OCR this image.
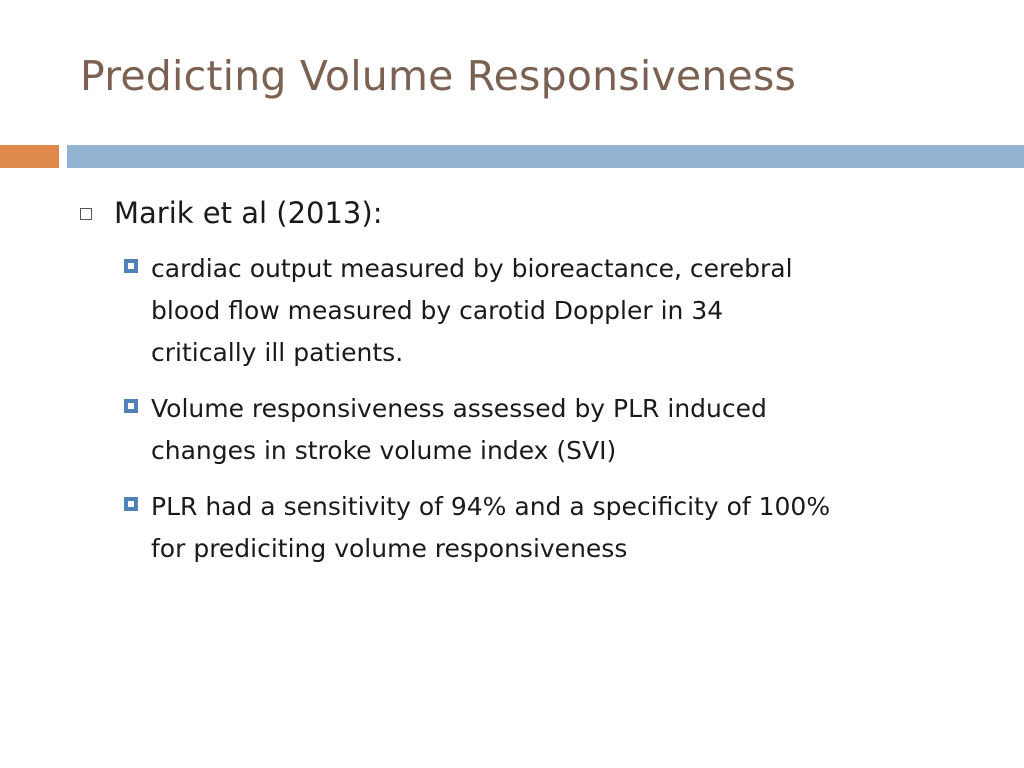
Predicting Volume Responsiveness
Marik et al (2013):
cardiac output measured by bioreactance, cerebral
blood flow measured by carotid Doppler in 34
critically ill patients.
Volume responsiveness assessed by PLR induced
changes in stroke volume index (SVI)
PLR had a sensitivity of 94% and a specificity of 100%
for prediciting volume responsiveness
